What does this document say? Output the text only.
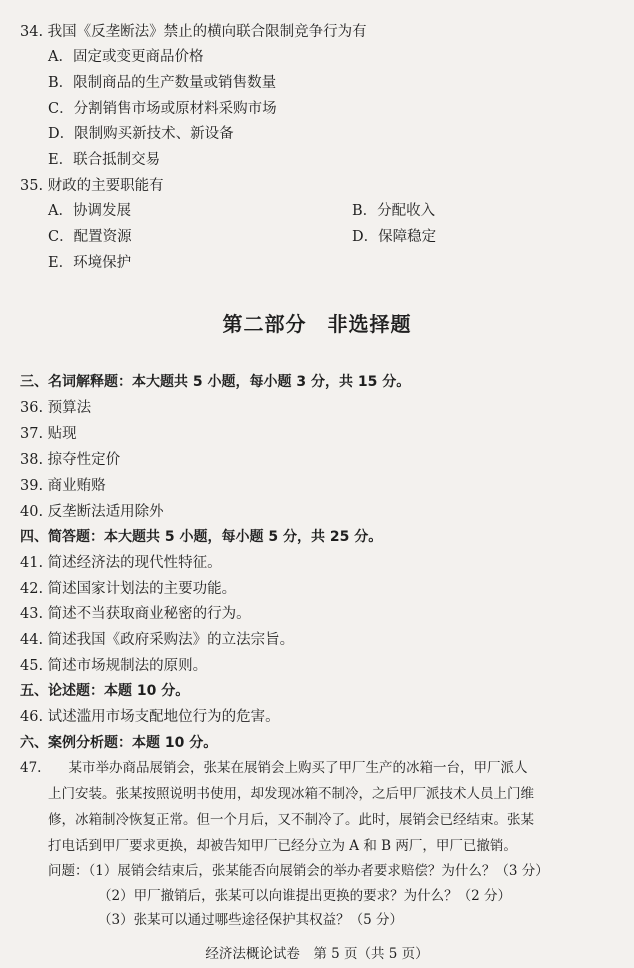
34. 我国《反垄断法》禁止的横向联合限制竞争行为有
A．固定或变更商品价格
B．限制商品的生产数量或销售数量
C．分割销售市场或原材料采购市场
D．限制购买新技术、新设备
E．联合抵制交易
35. 财政的主要职能有
A．协调发展	B．分配收入
C．配置资源	D．保障稳定
E．环境保护
第二部分　非选择题
三、名词解释题：本大题共 5 小题，每小题 3 分，共 15 分。
36. 预算法
37. 贴现
38. 掠夺性定价
39. 商业贿赂
40. 反垄断法适用除外
四、简答题：本大题共 5 小题，每小题 5 分，共 25 分。
41. 简述经济法的现代性特征。
42. 简述国家计划法的主要功能。
43. 简述不当获取商业秘密的行为。
44. 简述我国《政府采购法》的立法宗旨。
45. 简述市场规制法的原则。
五、论述题：本题 10 分。
46. 试述滥用市场支配地位行为的危害。
六、案例分析题：本题 10 分。
47.　　某市举办商品展销会，张某在展销会上购买了甲厂生产的冰箱一台，甲厂派人
上门安装。张某按照说明书使用，却发现冰箱不制冷，之后甲厂派技术人员上门维
修，冰箱制冷恢复正常。但一个月后，又不制冷了。此时，展销会已经结束。张某
打电话到甲厂要求更换，却被告知甲厂已经分立为 A 和 B 两厂，甲厂已撤销。
问题：（1）展销会结束后，张某能否向展销会的举办者要求赔偿？为什么？（3 分）
（2）甲厂撤销后，张某可以向谁提出更换的要求？为什么？（2 分）
（3）张某可以通过哪些途径保护其权益？（5 分）
经济法概论试卷　第 5 页（共 5 页）
